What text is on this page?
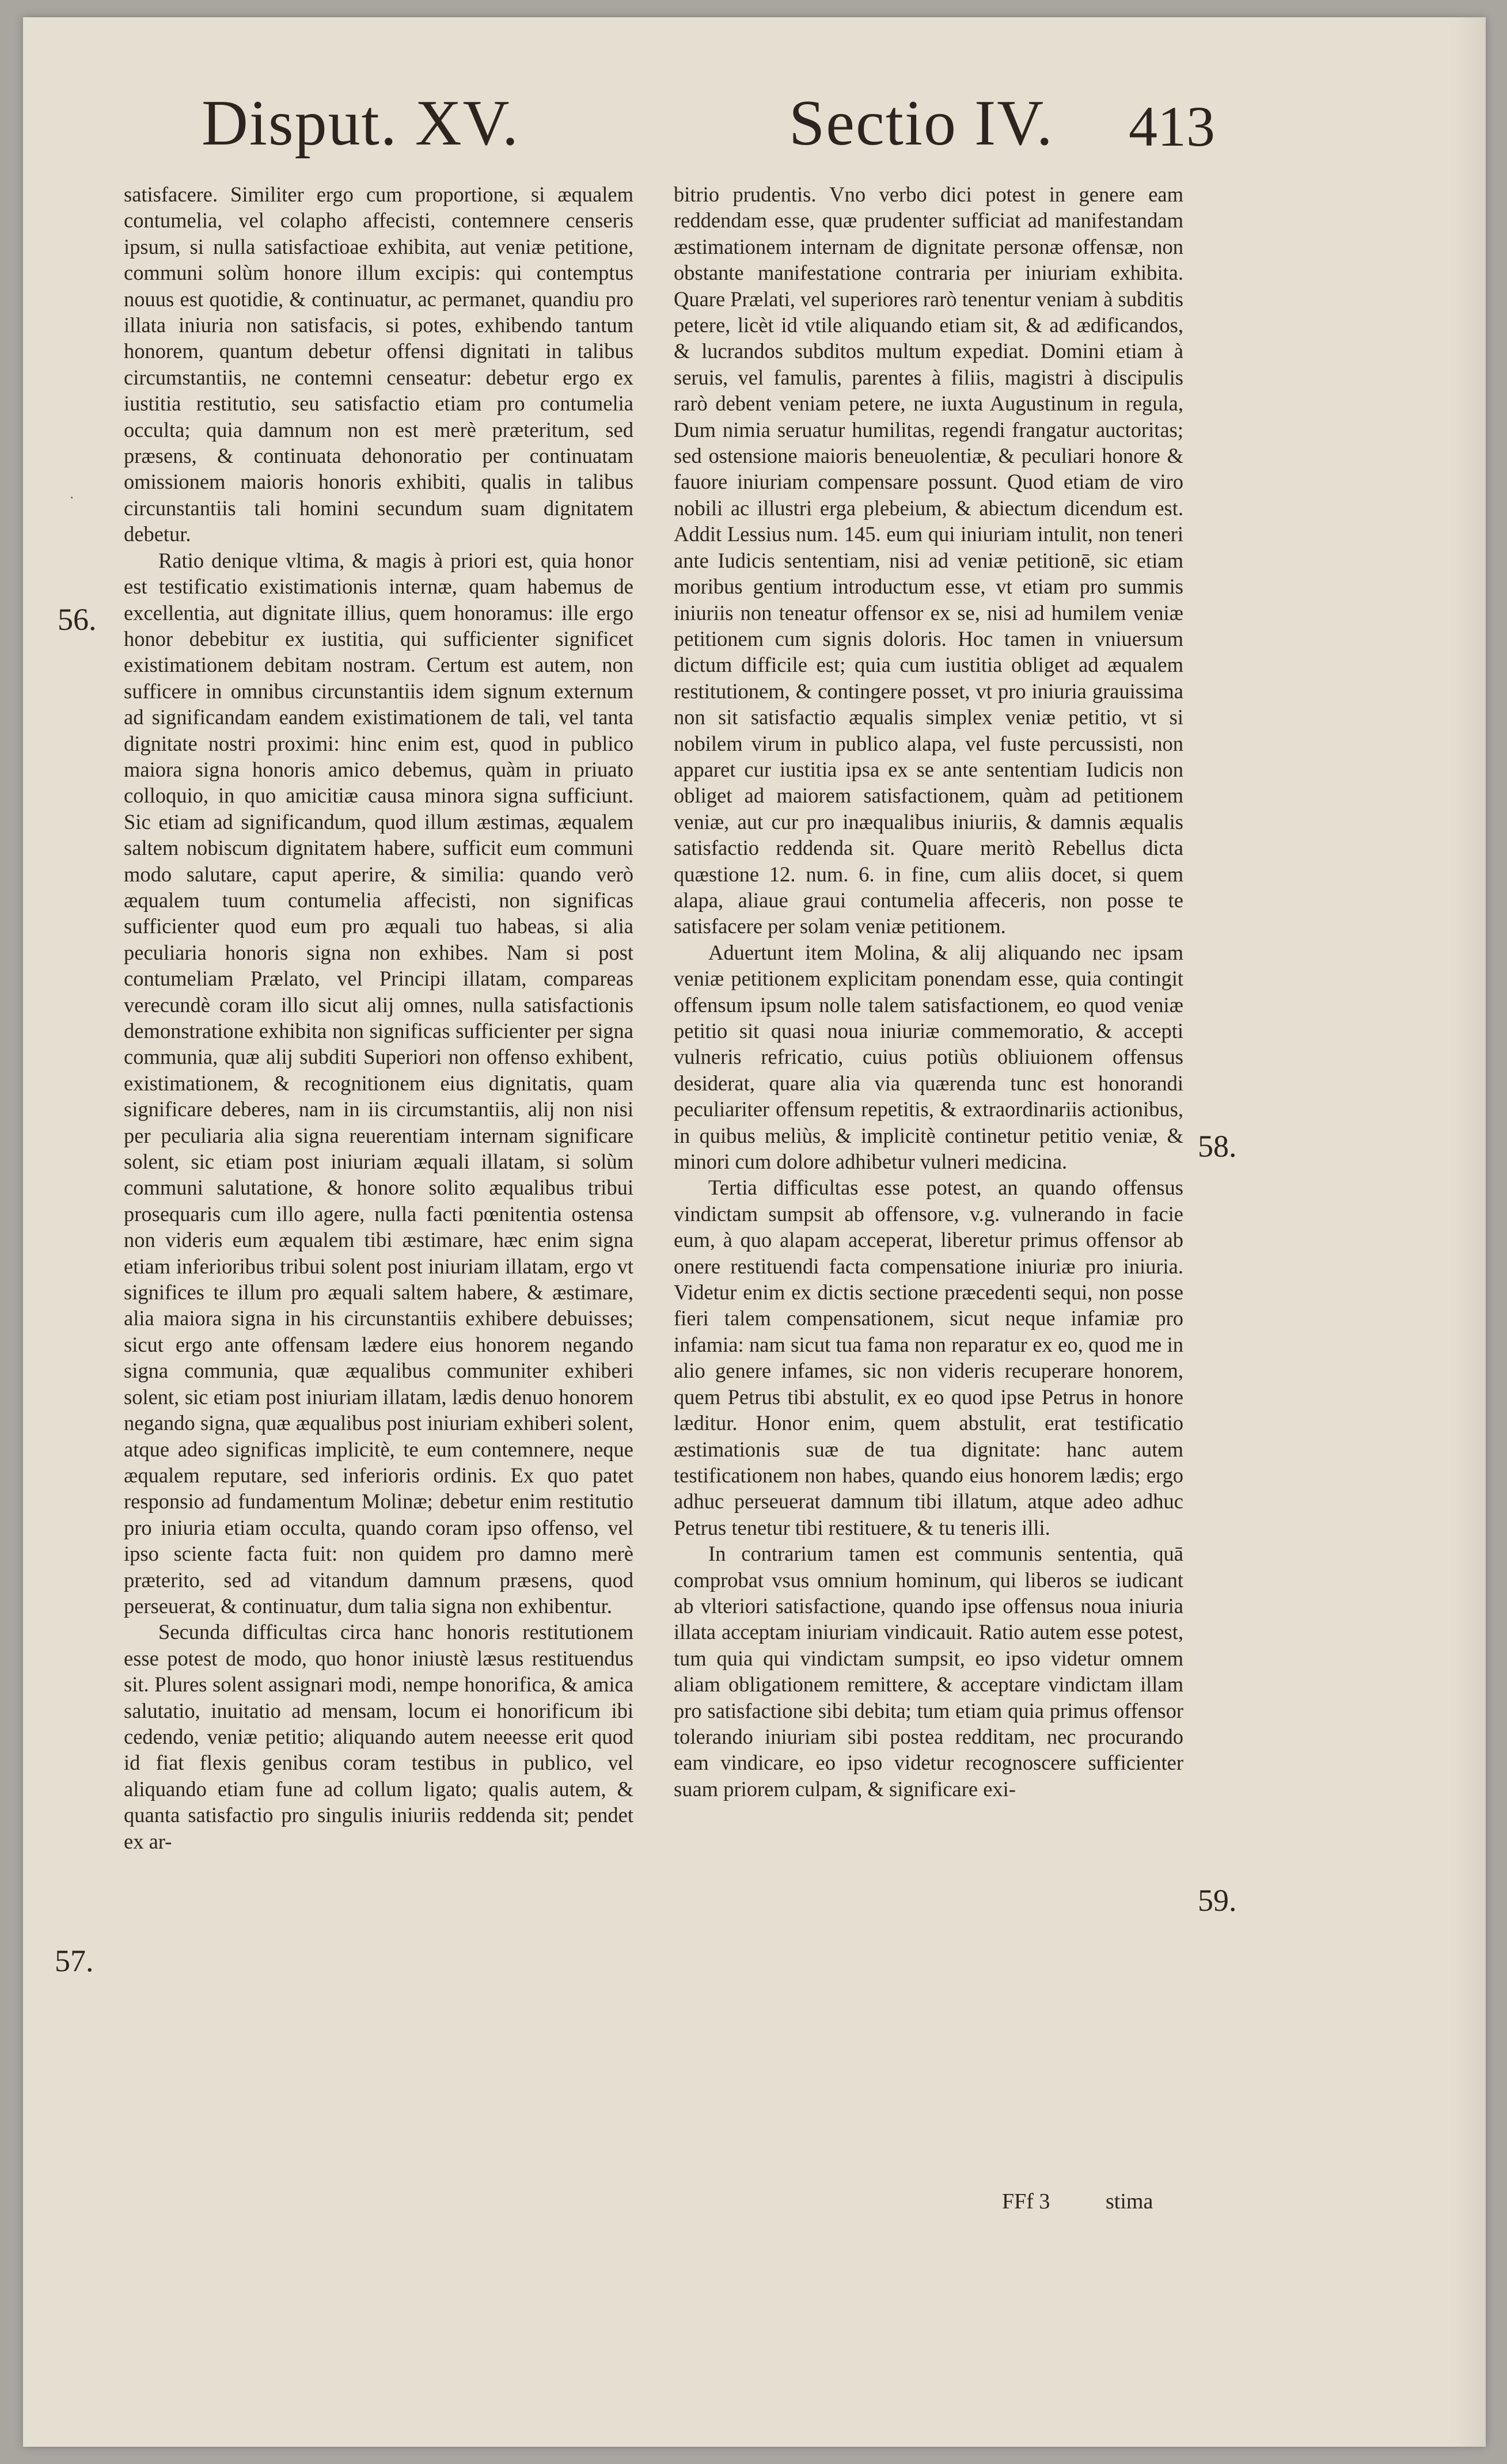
Disput. XV.	Sectio IV. 413

satisfacere. Similiter ergo cum proportione, si æqualem contumelia, vel colapho affecisti, contemnere censeris ipsum, si nulla satisfactioae exhibita, aut veniæ petitione, communi solùm honore illum excipis: qui contemptus nouus est quotidie, & continuatur, ac permanet, quandiu pro illata iniuria non satisfacis, si potes, exhibendo tantum honorem, quantum debetur offensi dignitati in talibus circumstantiis, ne contemni censeatur: debetur ergo ex iustitia restitutio, seu satisfactio etiam pro contumelia occulta; quia damnum non est merè præteritum, sed præsens, & continuata dehonoratio per continuatam omissionem maioris honoris exhibiti, qualis in talibus circunstantiis tali homini secundum suam dignitatem debetur.

Ratio denique vltima, & magis à priori est, quia honor est testificatio existimationis internæ, quam habemus de excellentia, aut dignitate illius, quem honoramus: ille ergo honor debebitur ex iustitia, qui sufficienter significet existimationem debitam nostram. Certum est autem, non sufficere in omnibus circunstantiis idem signum externum ad significandam eandem existimationem de tali, vel tanta dignitate nostri proximi: hinc enim est, quod in publico maiora signa honoris amico debemus, quàm in priuato colloquio, in quo amicitiæ causa minora signa sufficiunt. Sic etiam ad significandum, quod illum æstimas, æqualem saltem nobiscum dignitatem habere, sufficit eum communi modo salutare, caput aperire, & similia: quando verò æqualem tuum contumelia affecisti, non significas sufficienter quod eum pro æquali tuo habeas, si alia peculiaria honoris signa non exhibes. Nam si post contumeliam Prælato, vel Principi illatam, compareas verecundè coram illo sicut alij omnes, nulla satisfactionis demonstratione exhibita non significas sufficienter per signa communia, quæ alij subditi Superiori non offenso exhibent, existimationem, & recognitionem eius dignitatis, quam significare deberes, nam in iis circumstantiis, alij non nisi per peculiaria alia signa reuerentiam internam significare solent, sic etiam post iniuriam æquali illatam, si solùm communi salutatione, & honore solito æqualibus tribui prosequaris cum illo agere, nulla facti pœnitentia ostensa non videris eum æqualem tibi æstimare, hæc enim signa etiam inferioribus tribui solent post iniuriam illatam, ergo vt significes te illum pro æquali saltem habere, & æstimare, alia maiora signa in his circunstantiis exhibere debuisses; sicut ergo ante offensam lædere eius honorem negando signa communia, quæ æqualibus communiter exhiberi solent, sic etiam post iniuriam illatam, lædis denuo honorem negando signa, quæ æqualibus post iniuriam exhiberi solent, atque adeo significas implicitè, te eum contemnere, neque æqualem reputare, sed inferioris ordinis. Ex quo patet responsio ad fundamentum Molinæ; debetur enim restitutio pro iniuria etiam occulta, quando coram ipso offenso, vel ipso sciente facta fuit: non quidem pro damno merè præterito, sed ad vitandum damnum præsens, quod perseuerat, & continuatur, dum talia signa non exhibentur.

Secunda difficultas circa hanc honoris restitutionem esse potest de modo, quo honor iniustè læsus restituendus sit. Plures solent assignari modi, nempe honorifica, & amica salutatio, inuitatio ad mensam, locum ei honorificum ibi cedendo, veniæ petitio; aliquando autem neeesse erit quod id fiat flexis genibus coram testibus in publico, vel aliquando etiam fune ad collum ligato; qualis autem, & quanta satisfactio pro singulis iniuriis reddenda sit; pendet ex ar-

bitrio prudentis. Vno verbo dici potest in genere eam reddendam esse, quæ prudenter sufficiat ad manifestandam æstimationem internam de dignitate personæ offensæ, non obstante manifestatione contraria per iniuriam exhibita. Quare Prælati, vel superiores rarò tenentur veniam à subditis petere, licèt id vtile aliquando etiam sit, & ad ædificandos, & lucrandos subditos multum expediat. Domini etiam à seruis, vel famulis, parentes à filiis, magistri à discipulis rarò debent veniam petere, ne iuxta Augustinum in regula, Dum nimia seruatur humilitas, regendi frangatur auctoritas; sed ostensione maioris beneuolentiæ, & peculiari honore & fauore iniuriam compensare possunt. Quod etiam de viro nobili ac illustri erga plebeium, & abiectum dicendum est. Addit Lessius num. 145. eum qui iniuriam intulit, non teneri ante Iudicis sententiam, nisi ad veniæ petitionē, sic etiam moribus gentium introductum esse, vt etiam pro summis iniuriis non teneatur offensor ex se, nisi ad humilem veniæ petitionem cum signis doloris. Hoc tamen in vniuersum dictum difficile est; quia cum iustitia obliget ad æqualem restitutionem, & contingere posset, vt pro iniuria grauissima non sit satisfactio æqualis simplex veniæ petitio, vt si nobilem virum in publico alapa, vel fuste percussisti, non apparet cur iustitia ipsa ex se ante sententiam Iudicis non obliget ad maiorem satisfactionem, quàm ad petitionem veniæ, aut cur pro inæqualibus iniuriis, & damnis æqualis satisfactio reddenda sit. Quare meritò Rebellus dicta quæstione 12. num. 6. in fine, cum aliis docet, si quem alapa, aliaue graui contumelia affeceris, non posse te satisfacere per solam veniæ petitionem.

Aduertunt item Molina, & alij aliquando nec ipsam veniæ petitionem explicitam ponendam esse, quia contingit offensum ipsum nolle talem satisfactionem, eo quod veniæ petitio sit quasi noua iniuriæ commemoratio, & accepti vulneris refricatio, cuius potiùs obliuionem offensus desiderat, quare alia via quærenda tunc est honorandi peculiariter offensum repetitis, & extraordinariis actionibus, in quibus meliùs, & implicitè continetur petitio veniæ, & minori cum dolore adhibetur vulneri medicina.

Tertia difficultas esse potest, an quando offensus vindictam sumpsit ab offensore, v.g. vulnerando in facie eum, à quo alapam acceperat, liberetur primus offensor ab onere restituendi facta compensatione iniuriæ pro iniuria. Videtur enim ex dictis sectione præcedenti sequi, non posse fieri talem compensationem, sicut neque infamiæ pro infamia: nam sicut tua fama non reparatur ex eo, quod me in alio genere infames, sic non videris recuperare honorem, quem Petrus tibi abstulit, ex eo quod ipse Petrus in honore læditur. Honor enim, quem abstulit, erat testificatio æstimationis suæ de tua dignitate: hanc autem testificationem non habes, quando eius honorem lædis; ergo adhuc perseuerat damnum tibi illatum, atque adeo adhuc Petrus tenetur tibi restituere, & tu teneris illi.

In contrarium tamen est communis sententia, quā comprobat vsus omnium hominum, qui liberos se iudicant ab vlteriori satisfactione, quando ipse offensus noua iniuria illata acceptam iniuriam vindicauit. Ratio autem esse potest, tum quia qui vindictam sumpsit, eo ipso videtur omnem aliam obligationem remittere, & acceptare vindictam illam pro satisfactione sibi debita; tum etiam quia primus offensor tolerando iniuriam sibi postea redditam, nec procurando eam vindicare, eo ipso videtur recognoscere sufficienter suam priorem culpam, & significare exi-

56.
57.
58.
59.
FFf 3	stima
·
